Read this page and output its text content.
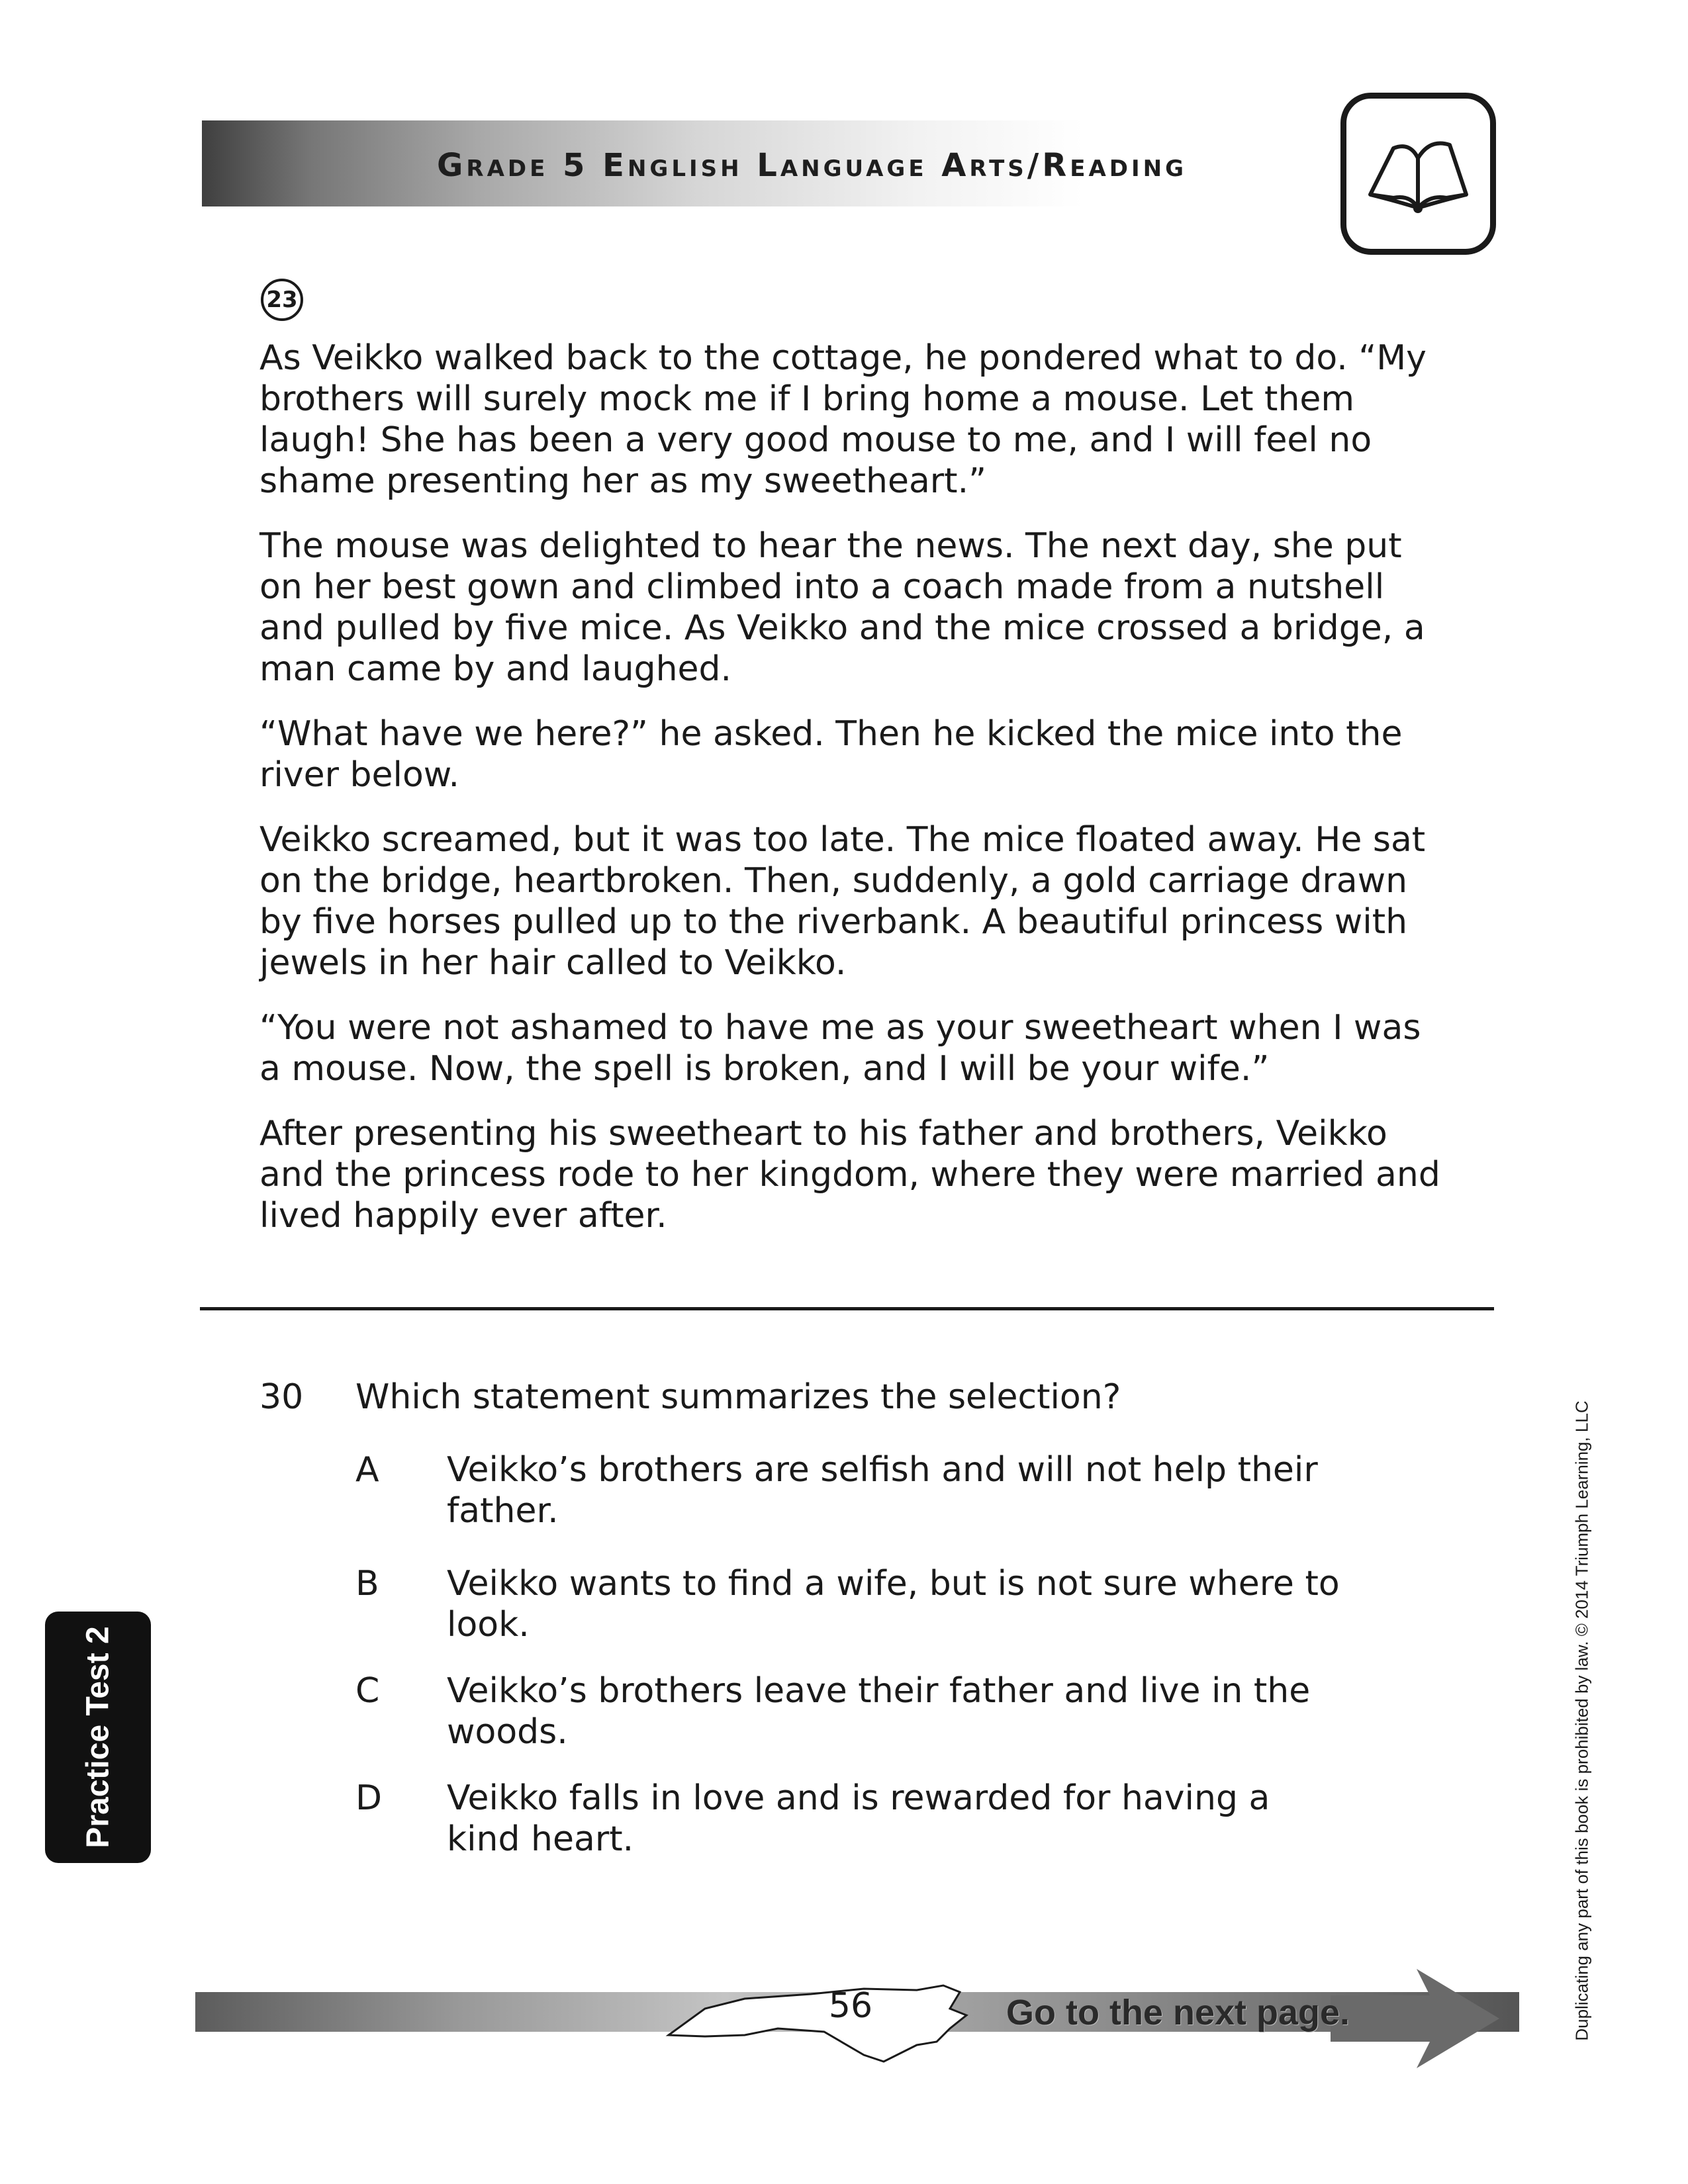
Grade 5 English Language Arts/Reading
23

As Veikko walked back to the cottage, he pondered what to do. “My brothers will surely mock me if I bring home a mouse. Let them laugh! She has been a very good mouse to me, and I will feel no shame presenting her as my sweetheart.”

The mouse was delighted to hear the news. The next day, she put on her best gown and climbed into a coach made from a nutshell and pulled by five mice. As Veikko and the mice crossed a bridge, a man came by and laughed.

“What have we here?” he asked. Then he kicked the mice into the river below.

Veikko screamed, but it was too late. The mice floated away. He sat on the bridge, heartbroken. Then, suddenly, a gold carriage drawn by five horses pulled up to the riverbank. A beautiful princess with jewels in her hair called to Veikko.

“You were not ashamed to have me as your sweetheart when I was a mouse. Now, the spell is broken, and I will be your wife.”

After presenting his sweetheart to his father and brothers, Veikko and the princess rode to her kingdom, where they were married and lived happily ever after.

30 Which statement summarizes the selection?
A Veikko’s brothers are selfish and will not help their father.
B Veikko wants to find a wife, but is not sure where to look.
C Veikko’s brothers leave their father and live in the woods.
D Veikko falls in love and is rewarded for having a kind heart.
Practice Test 2	Duplicating any part of this book is prohibited by law. © 2014 Triumph Learning, LLC
56	Go to the next page.
